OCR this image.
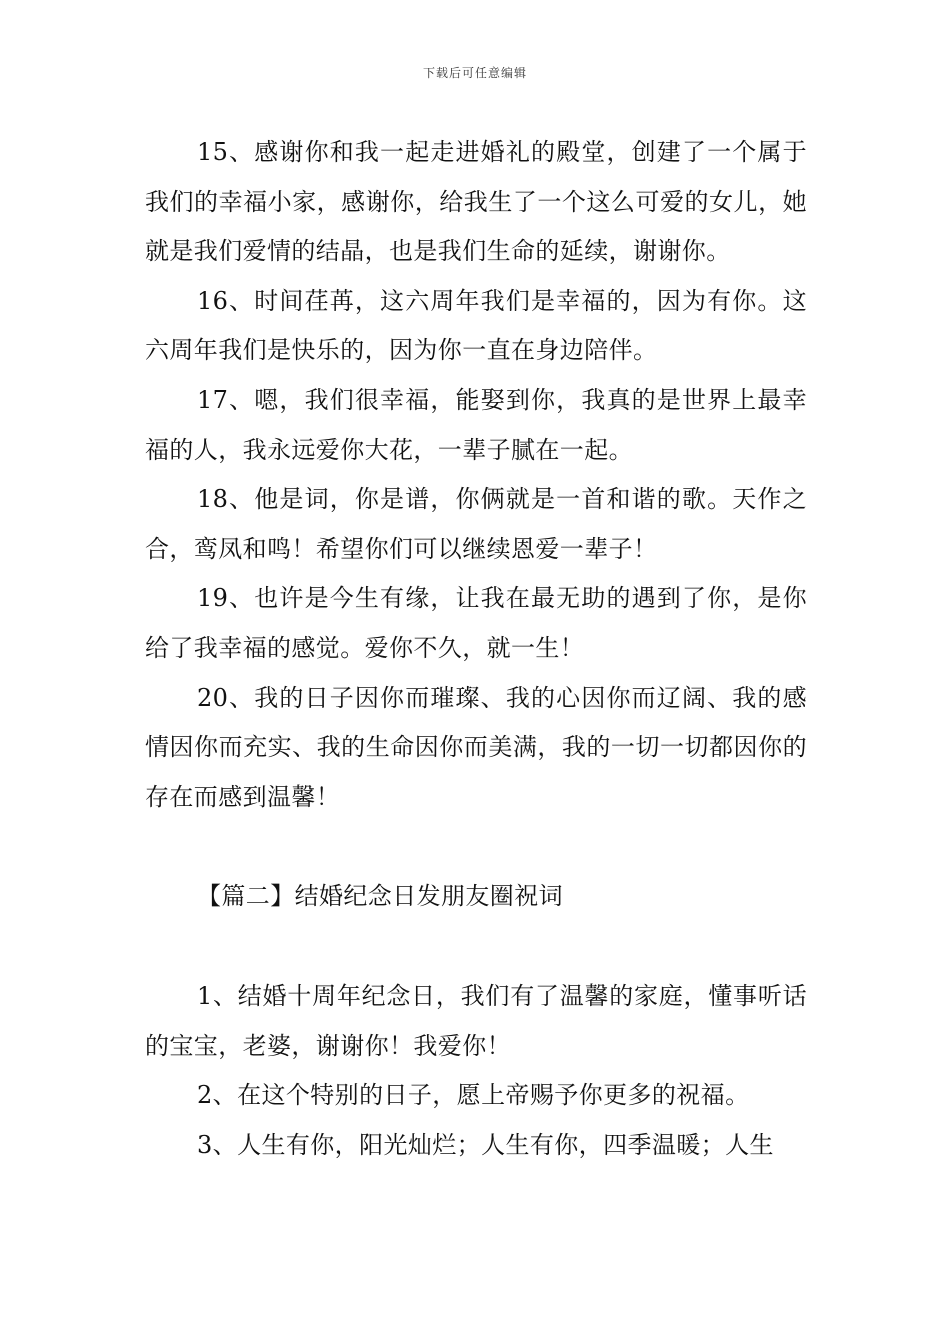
下载后可任意编辑

15、感谢你和我一起走进婚礼的殿堂，创建了一个属于我们的幸福小家，感谢你，给我生了一个这么可爱的女儿，她就是我们爱情的结晶，也是我们生命的延续，谢谢你。

16、时间荏苒，这六周年我们是幸福的，因为有你。这六周年我们是快乐的，因为你一直在身边陪伴。

17、嗯，我们很幸福，能娶到你，我真的是世界上最幸福的人，我永远爱你大花，一辈子腻在一起。

18、他是词，你是谱，你俩就是一首和谐的歌。天作之合，鸾凤和鸣！希望你们可以继续恩爱一辈子！

19、也许是今生有缘，让我在最无助的遇到了你，是你给了我幸福的感觉。爱你不久，就一生！

20、我的日子因你而璀璨、我的心因你而辽阔、我的感情因你而充实、我的生命因你而美满，我的一切一切都因你的存在而感到温馨！

【篇二】结婚纪念日发朋友圈祝词

1、结婚十周年纪念日，我们有了温馨的家庭，懂事听话的宝宝，老婆，谢谢你！我爱你！

2、在这个特别的日子，愿上帝赐予你更多的祝福。

3、人生有你，阳光灿烂；人生有你，四季温暖；人生
